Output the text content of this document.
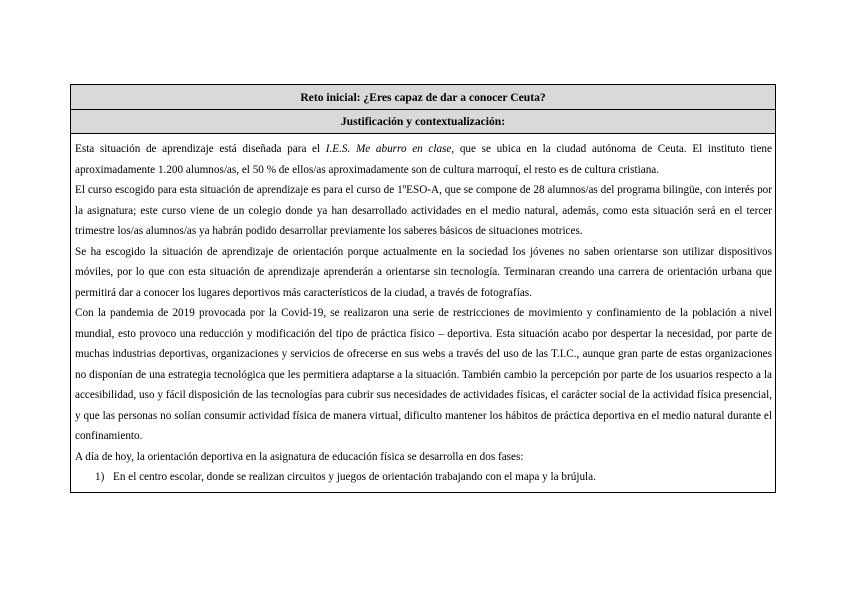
Reto inicial: ¿Eres capaz de dar a conocer Ceuta?
Justificación y contextualización:

Esta situación de aprendizaje está diseñada para el I.E.S. Me aburro en clase, que se ubica en la ciudad autónoma de Ceuta. El instituto tiene aproximadamente 1.200 alumnos/as, el 50 % de ellos/as aproximadamente son de cultura marroquí, el resto es de cultura cristiana.

El curso escogido para esta situación de aprendizaje es para el curso de 1ºESO-A, que se compone de 28 alumnos/as del programa bilingüe, con interés por la asignatura; este curso viene de un colegio donde ya han desarrollado actividades en el medio natural, además, como esta situación será en el tercer trimestre los/as alumnos/as ya habrán podido desarrollar previamente los saberes básicos de situaciones motrices.

Se ha escogido la situación de aprendizaje de orientación porque actualmente en la sociedad los jóvenes no saben orientarse son utilizar dispositivos móviles, por lo que con esta situación de aprendizaje aprenderán a orientarse sin tecnología. Terminaran creando una carrera de orientación urbana que permitirá dar a conocer los lugares deportivos más característicos de la ciudad, a través de fotografías.

Con la pandemia de 2019 provocada por la Covid-19, se realizaron una serie de restricciones de movimiento y confinamiento de la población a nivel mundial, esto provoco una reducción y modificación del tipo de práctica físico – deportiva. Esta situación acabo por despertar la necesidad, por parte de muchas industrias deportivas, organizaciones y servicios de ofrecerse en sus webs a través del uso de las T.I.C., aunque gran parte de estas organizaciones no disponían de una estrategia tecnológica que les permitiera adaptarse a la situación. También cambio la percepción por parte de los usuarios respecto a la accesibilidad, uso y fácil disposición de las tecnologías para cubrir sus necesidades de actividades físicas, el carácter social de la actividad física presencial, y que las personas no solían consumir actividad física de manera virtual, dificulto mantener los hábitos de práctica deportiva en el medio natural durante el confinamiento.

A día de hoy, la orientación deportiva en la asignatura de educación física se desarrolla en dos fases:

1) En el centro escolar, donde se realizan circuitos y juegos de orientación trabajando con el mapa y la brújula.
